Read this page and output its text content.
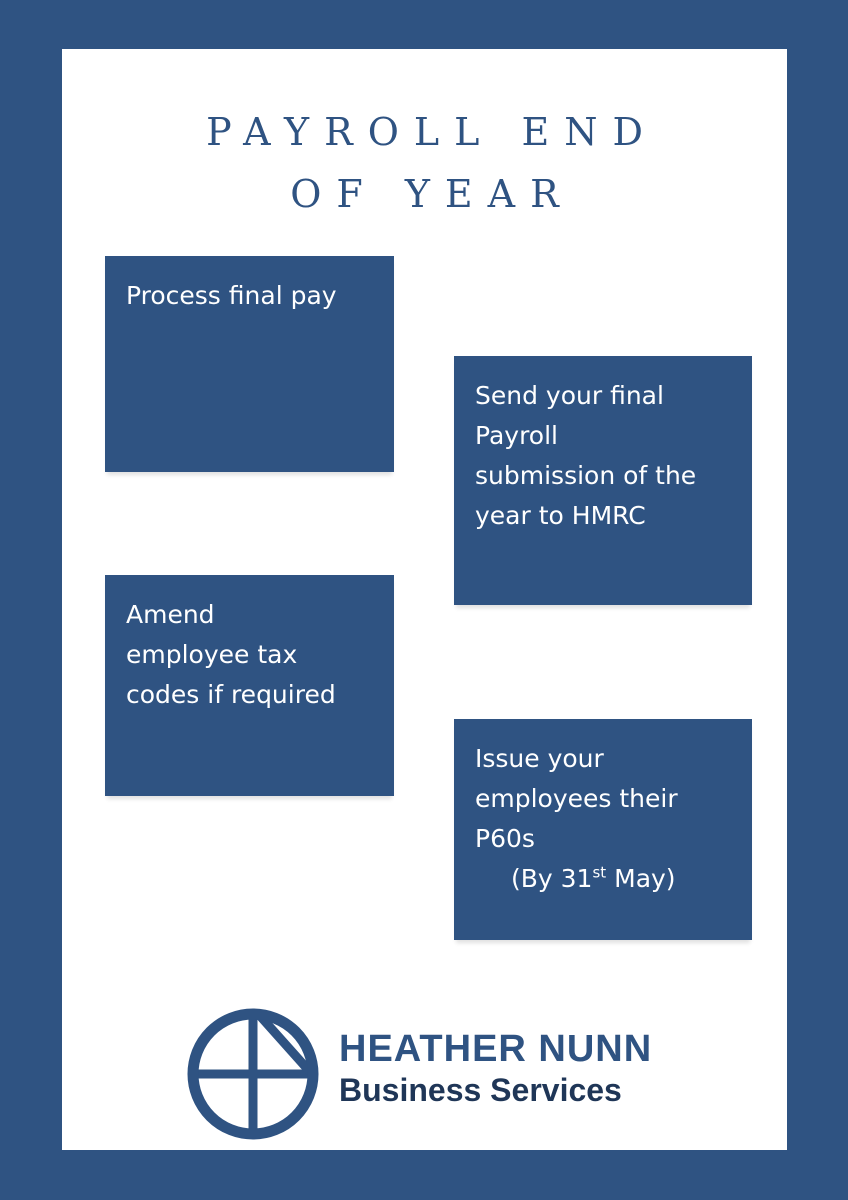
PAYROLL END
OF YEAR
Process final pay
Send your final
Payroll
submission of the
year to HMRC
Amend
employee tax
codes if required
Issue your
employees their
P60s
(By 31st May)
HEATHER NUNN
Business Services
